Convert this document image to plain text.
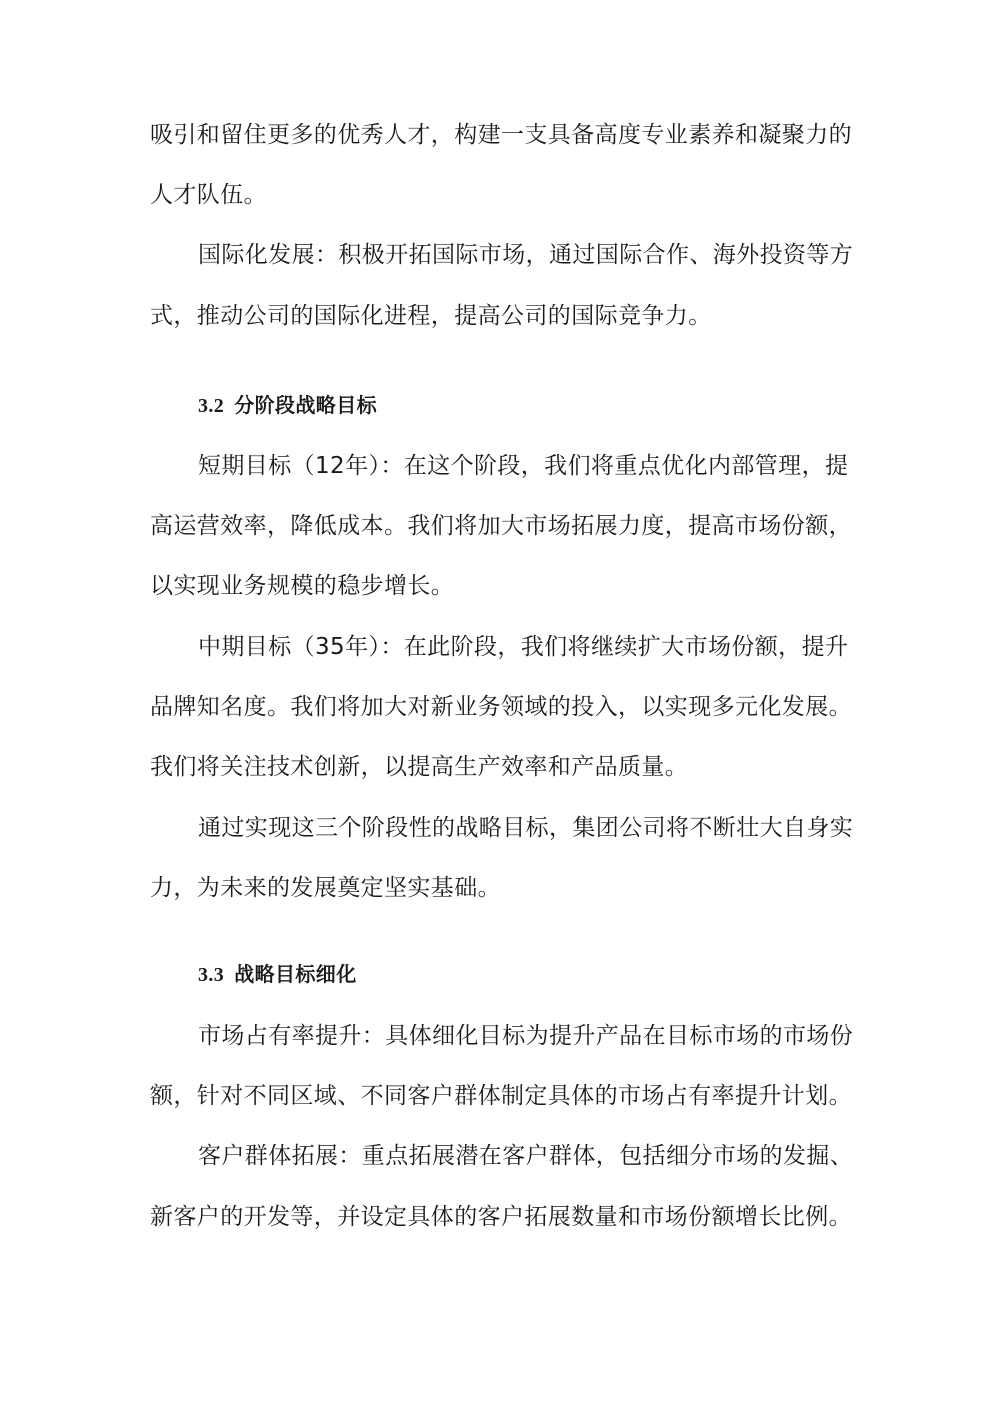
吸引和留住更多的优秀人才，构建一支具备高度专业素养和凝聚力的
人才队伍。
国际化发展：积极开拓国际市场，通过国际合作、海外投资等方
式，推动公司的国际化进程，提高公司的国际竞争力。
3.2 分阶段战略目标
短期目标（12年）：在这个阶段，我们将重点优化内部管理，提
高运营效率，降低成本。我们将加大市场拓展力度，提高市场份额，
以实现业务规模的稳步增长。
中期目标（35年）：在此阶段，我们将继续扩大市场份额，提升
品牌知名度。我们将加大对新业务领域的投入，以实现多元化发展。
我们将关注技术创新，以提高生产效率和产品质量。
通过实现这三个阶段性的战略目标，集团公司将不断壮大自身实
力，为未来的发展奠定坚实基础。
3.3 战略目标细化
市场占有率提升：具体细化目标为提升产品在目标市场的市场份
额，针对不同区域、不同客户群体制定具体的市场占有率提升计划。
客户群体拓展：重点拓展潜在客户群体，包括细分市场的发掘、
新客户的开发等，并设定具体的客户拓展数量和市场份额增长比例。
